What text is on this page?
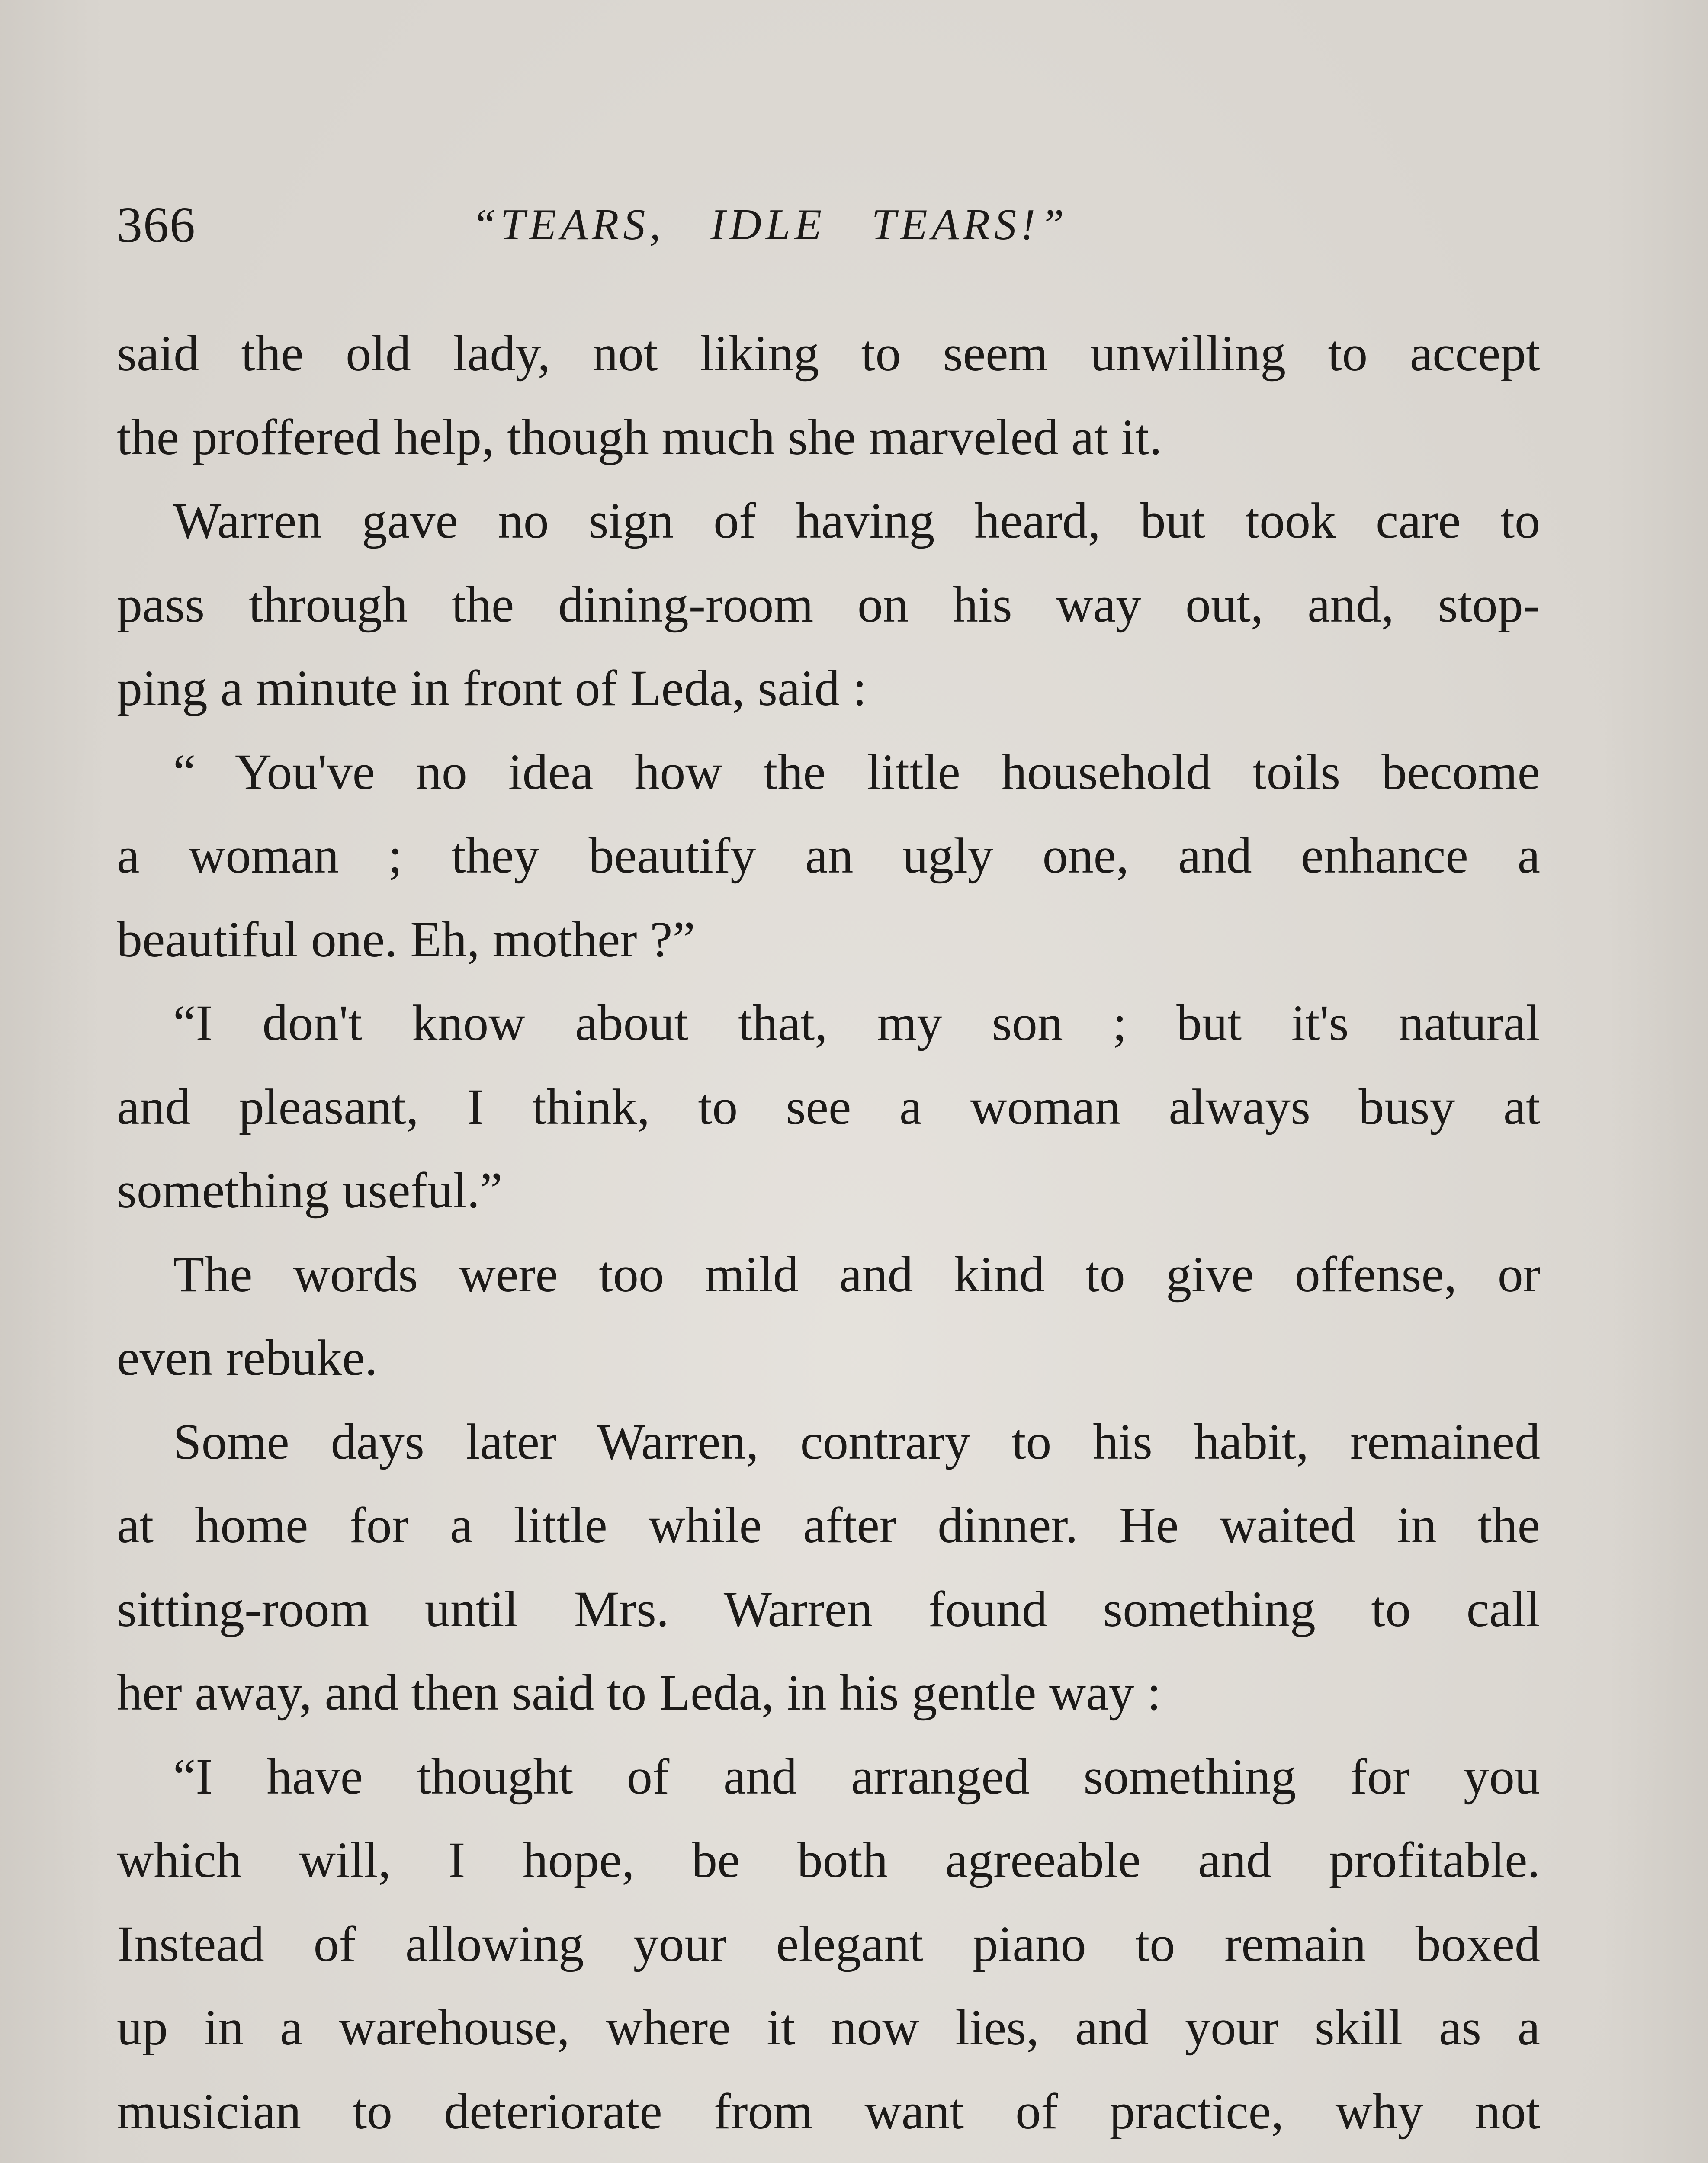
366	“TEARS, IDLE TEARS!”
said the old lady, not liking to seem unwilling to accept
the proffered help, though much she marveled at it.
Warren gave no sign of having heard, but took care to
pass through the dining-room on his way out, and, stop-
ping a minute in front of Leda, said :
“ You've no idea how the little household toils become
a woman ; they beautify an ugly one, and enhance a
beautiful one. Eh, mother ?”
“I don't know about that, my son ; but it's natural
and pleasant, I think, to see a woman always busy at
something useful.”
The words were too mild and kind to give offense, or
even rebuke.
Some days later Warren, contrary to his habit, remained
at home for a little while after dinner. He waited in the
sitting-room until Mrs. Warren found something to call
her away, and then said to Leda, in his gentle way :
“I have thought of and arranged something for you
which will, I hope, be both agreeable and profitable.
Instead of allowing your elegant piano to remain boxed
up in a warehouse, where it now lies, and your skill as a
musician to deteriorate from want of practice, why not
